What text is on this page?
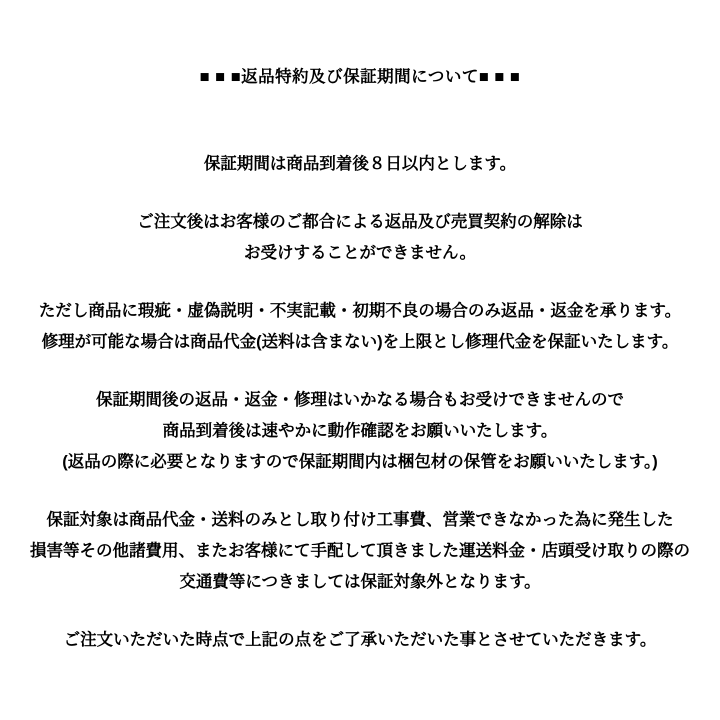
■ ■ ■返品特約及び保証期間について■ ■ ■
保証期間は商品到着後８日以内とします。
ご注文後はお客様のご都合による返品及び売買契約の解除は
お受けすることができません。
ただし商品に瑕疵・虚偽説明・不実記載・初期不良の場合のみ返品・返金を承ります。
修理が可能な場合は商品代金(送料は含まない)を上限とし修理代金を保証いたします。
保証期間後の返品・返金・修理はいかなる場合もお受けできませんので
商品到着後は速やかに動作確認をお願いいたします。
(返品の際に必要となりますので保証期間内は梱包材の保管をお願いいたします。)
保証対象は商品代金・送料のみとし取り付け工事費、営業できなかった為に発生した
損害等その他諸費用、またお客様にて手配して頂きました運送料金・店頭受け取りの際の
交通費等につきましては保証対象外となります。
ご注文いただいた時点で上記の点をご了承いただいた事とさせていただきます。
